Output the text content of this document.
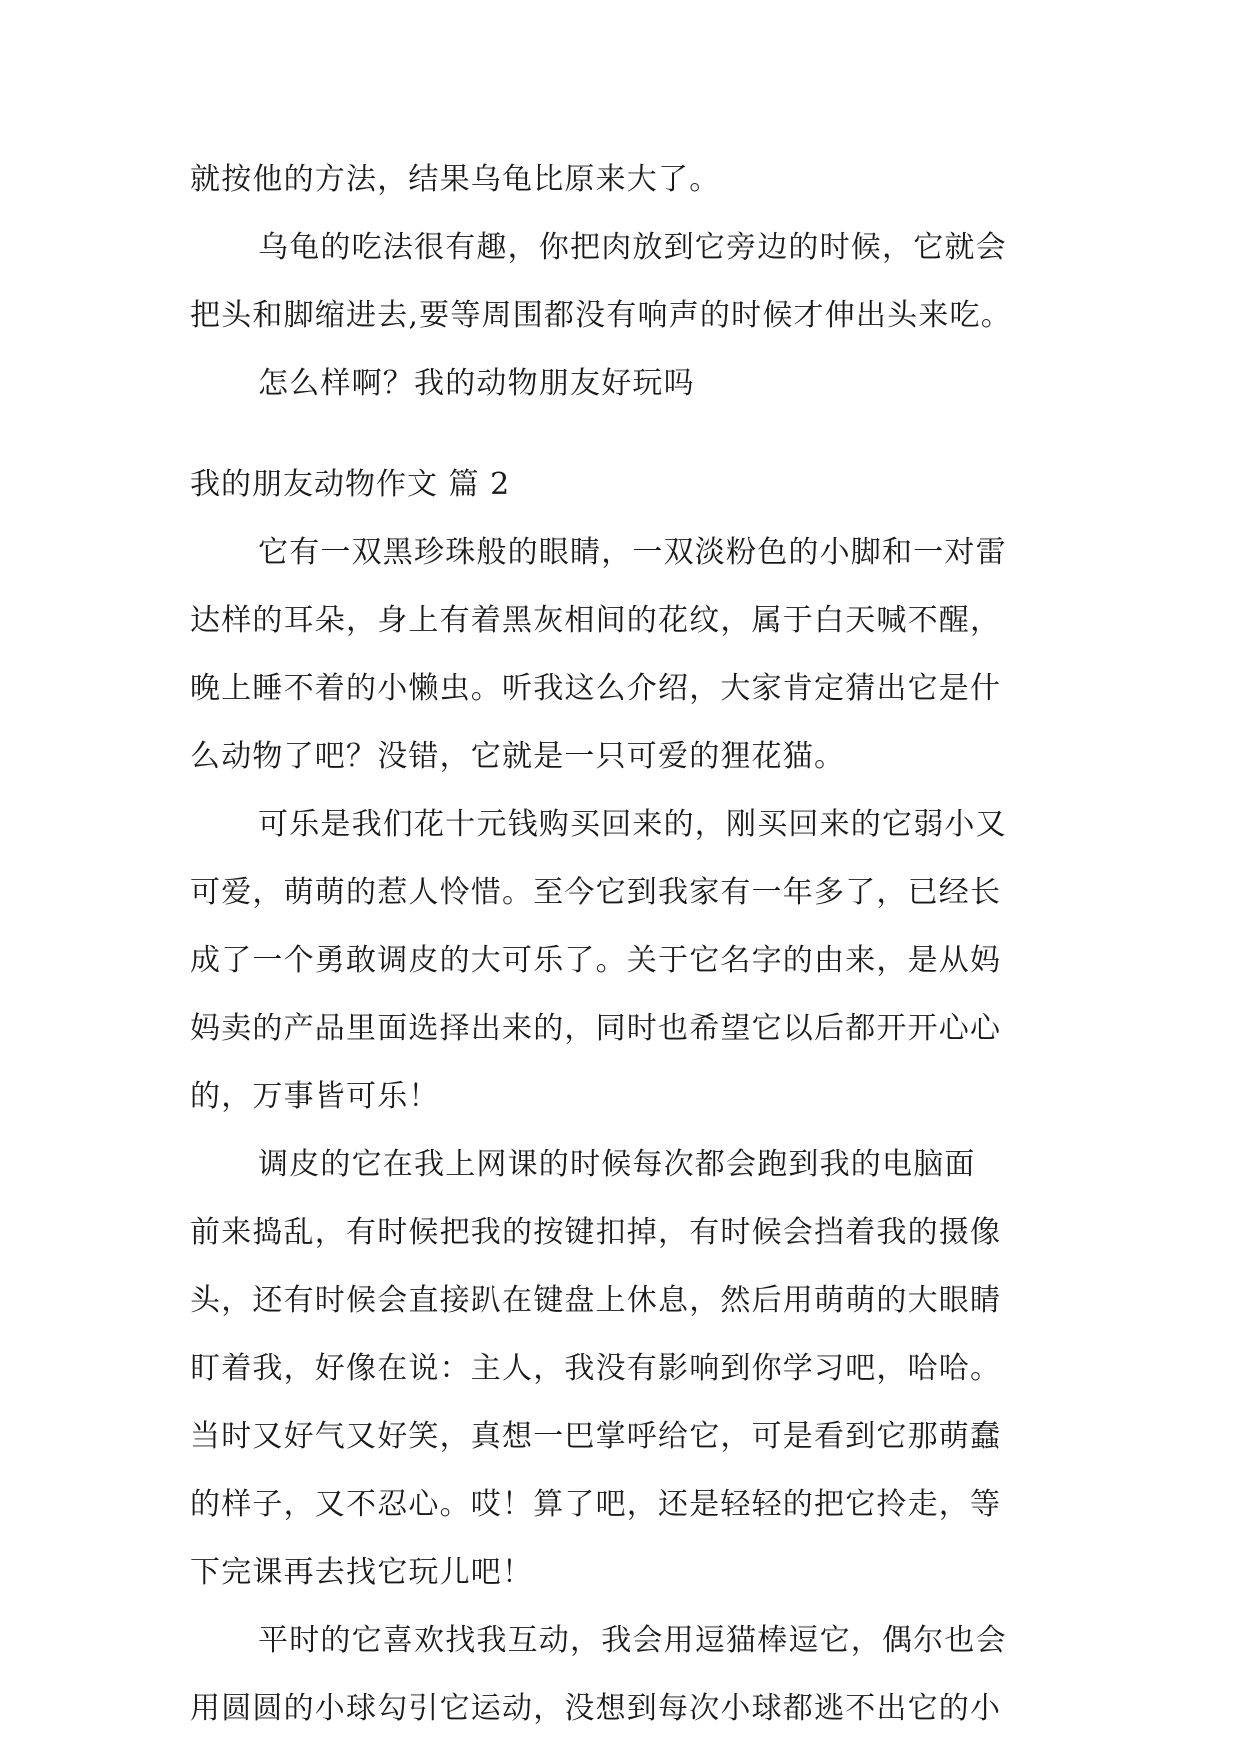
就按他的方法，结果乌龟比原来大了。
乌龟的吃法很有趣，你把肉放到它旁边的时候，它就会
把头和脚缩进去,要等周围都没有响声的时候才伸出头来吃。
怎么样啊？我的动物朋友好玩吗
我的朋友动物作文 篇 2
它有一双黑珍珠般的眼睛，一双淡粉色的小脚和一对雷
达样的耳朵，身上有着黑灰相间的花纹，属于白天喊不醒，
晚上睡不着的小懒虫。听我这么介绍，大家肯定猜出它是什
么动物了吧？没错，它就是一只可爱的狸花猫。
可乐是我们花十元钱购买回来的，刚买回来的它弱小又
可爱，萌萌的惹人怜惜。至今它到我家有一年多了，已经长
成了一个勇敢调皮的大可乐了。关于它名字的由来，是从妈
妈卖的产品里面选择出来的，同时也希望它以后都开开心心
的，万事皆可乐！
调皮的它在我上网课的时候每次都会跑到我的电脑面
前来捣乱，有时候把我的按键扣掉，有时候会挡着我的摄像
头，还有时候会直接趴在键盘上休息，然后用萌萌的大眼睛
盯着我，好像在说：主人，我没有影响到你学习吧，哈哈。
当时又好气又好笑，真想一巴掌呼给它，可是看到它那萌蠢
的样子，又不忍心。哎！算了吧，还是轻轻的把它拎走，等
下完课再去找它玩儿吧！
平时的它喜欢找我互动，我会用逗猫棒逗它，偶尔也会
用圆圆的小球勾引它运动，没想到每次小球都逃不出它的小
